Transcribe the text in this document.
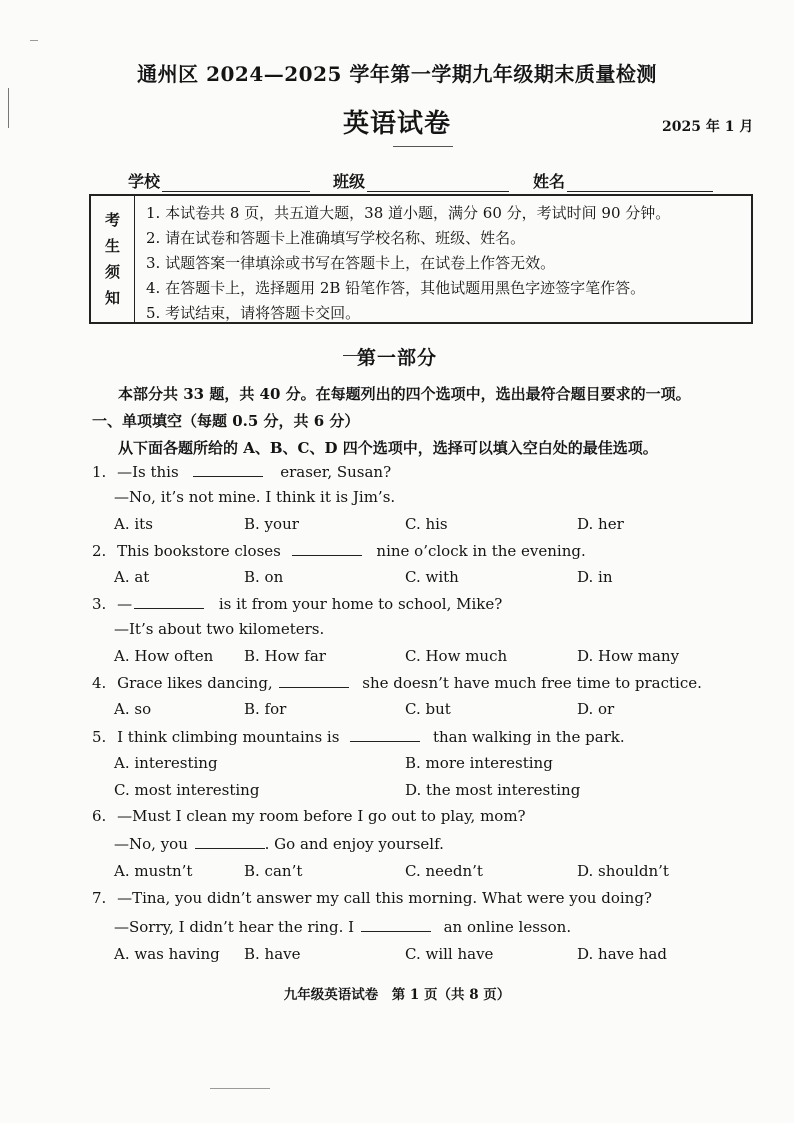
通州区 2024—2025 学年第一学期九年级期末质量检测
英语试卷	2025 年 1 月
学校	班级	姓名
考
生
须
知
1. 本试卷共 8 页，共五道大题，38 道小题，满分 60 分，考试时间 90 分钟。
2. 请在试卷和答题卡上准确填写学校名称、班级、姓名。
3. 试题答案一律填涂或书写在答题卡上，在试卷上作答无效。
4. 在答题卡上，选择题用 2B 铅笔作答，其他试题用黑色字迹签字笔作答。
5. 考试结束，请将答题卡交回。
第一部分
本部分共 33 题，共 40 分。在每题列出的四个选项中，选出最符合题目要求的一项。
一、单项填空（每题 0.5 分，共 6 分）
从下面各题所给的 A、B、C、D 四个选项中，选择可以填入空白处的最佳选项。
1. —Is this	eraser, Susan?
—No, it’s not mine. I think it is Jim’s.
A. its	B. your	C. his	D. her
2. This bookstore closes	nine o’clock in the evening.
A. at	B. on	C. with	D. in
3. —	is it from your home to school, Mike?
—It’s about two kilometers.
A. How often B. How far	C. How much	D. How many
4. Grace likes dancing,	she doesn’t have much free time to practice.
A. so	B. for	C. but	D. or
5. I think climbing mountains is	than walking in the park.
A. interesting	B. more interesting
C. most interesting	D. the most interesting
6. —Must I clean my room before I go out to play, mom?
—No, you	. Go and enjoy yourself.
A. mustn’t	B. can’t	C. needn’t	D. shouldn’t
7. —Tina, you didn’t answer my call this morning. What were you doing?
—Sorry, I didn’t hear the ring. I	an online lesson.
A. was having B. have	C. will have	D. have had
九年级英语试卷　第 1 页（共 8 页）
